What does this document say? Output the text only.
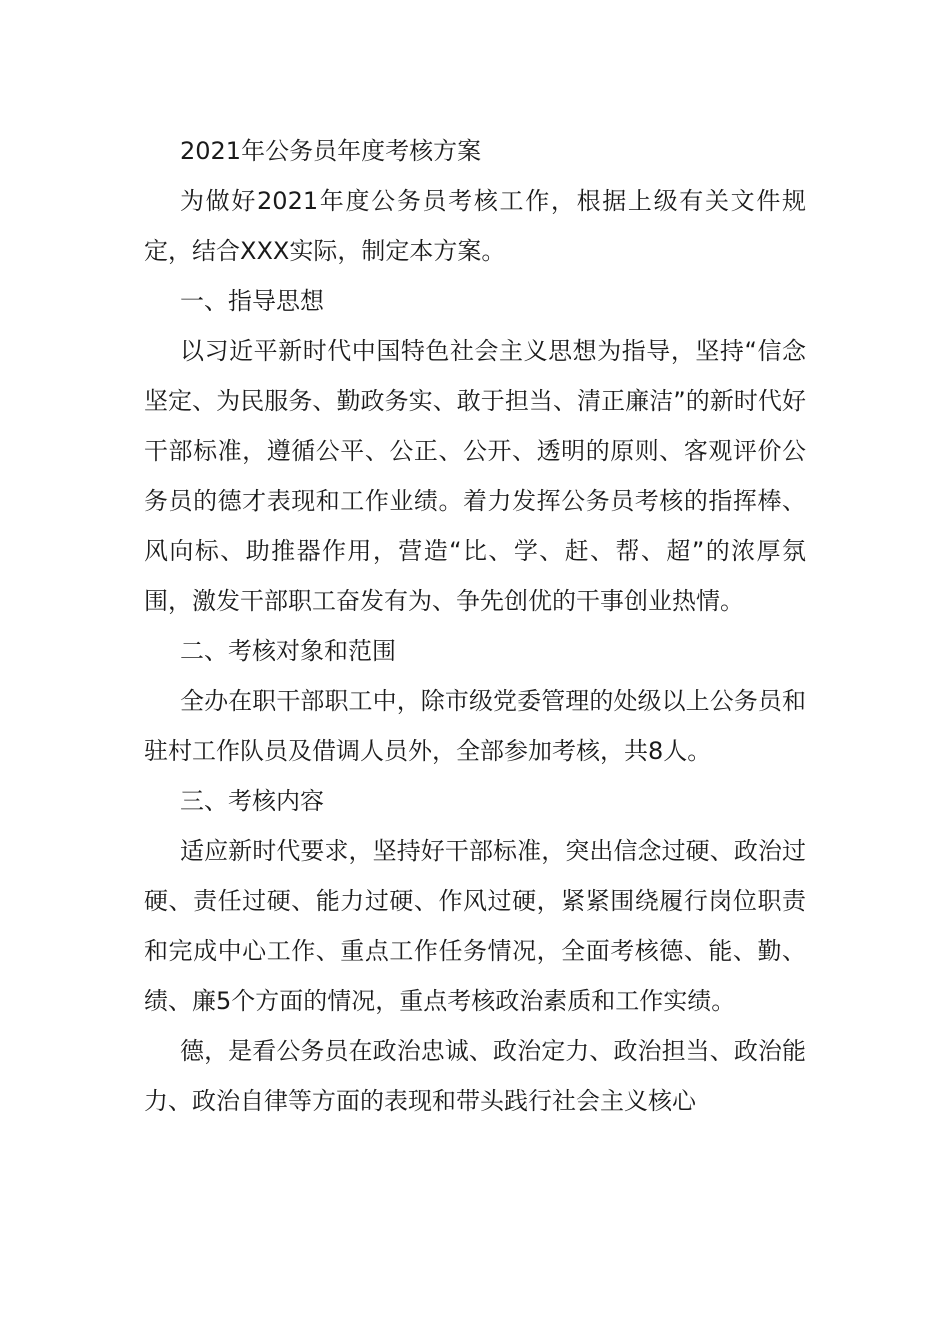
2021年公务员年度考核方案

为做好2021年度公务员考核工作，根据上级有关文件规定，结合XXX实际，制定本方案。

一、指导思想

以习近平新时代中国特色社会主义思想为指导，坚持“信念坚定、为民服务、勤政务实、敢于担当、清正廉洁”的新时代好干部标准，遵循公平、公正、公开、透明的原则、客观评价公务员的德才表现和工作业绩。着力发挥公务员考核的指挥棒、风向标、助推器作用，营造“比、学、赶、帮、超”的浓厚氛围，激发干部职工奋发有为、争先创优的干事创业热情。

二、考核对象和范围

全办在职干部职工中，除市级党委管理的处级以上公务员和驻村工作队员及借调人员外，全部参加考核，共8人。

三、考核内容

适应新时代要求，坚持好干部标准，突出信念过硬、政治过硬、责任过硬、能力过硬、作风过硬，紧紧围绕履行岗位职责和完成中心工作、重点工作任务情况，全面考核德、能、勤、绩、廉5个方面的情况，重点考核政治素质和工作实绩。

德，是看公务员在政治忠诚、政治定力、政治担当、政治能力、政治自律等方面的表现和带头践行社会主义核心
